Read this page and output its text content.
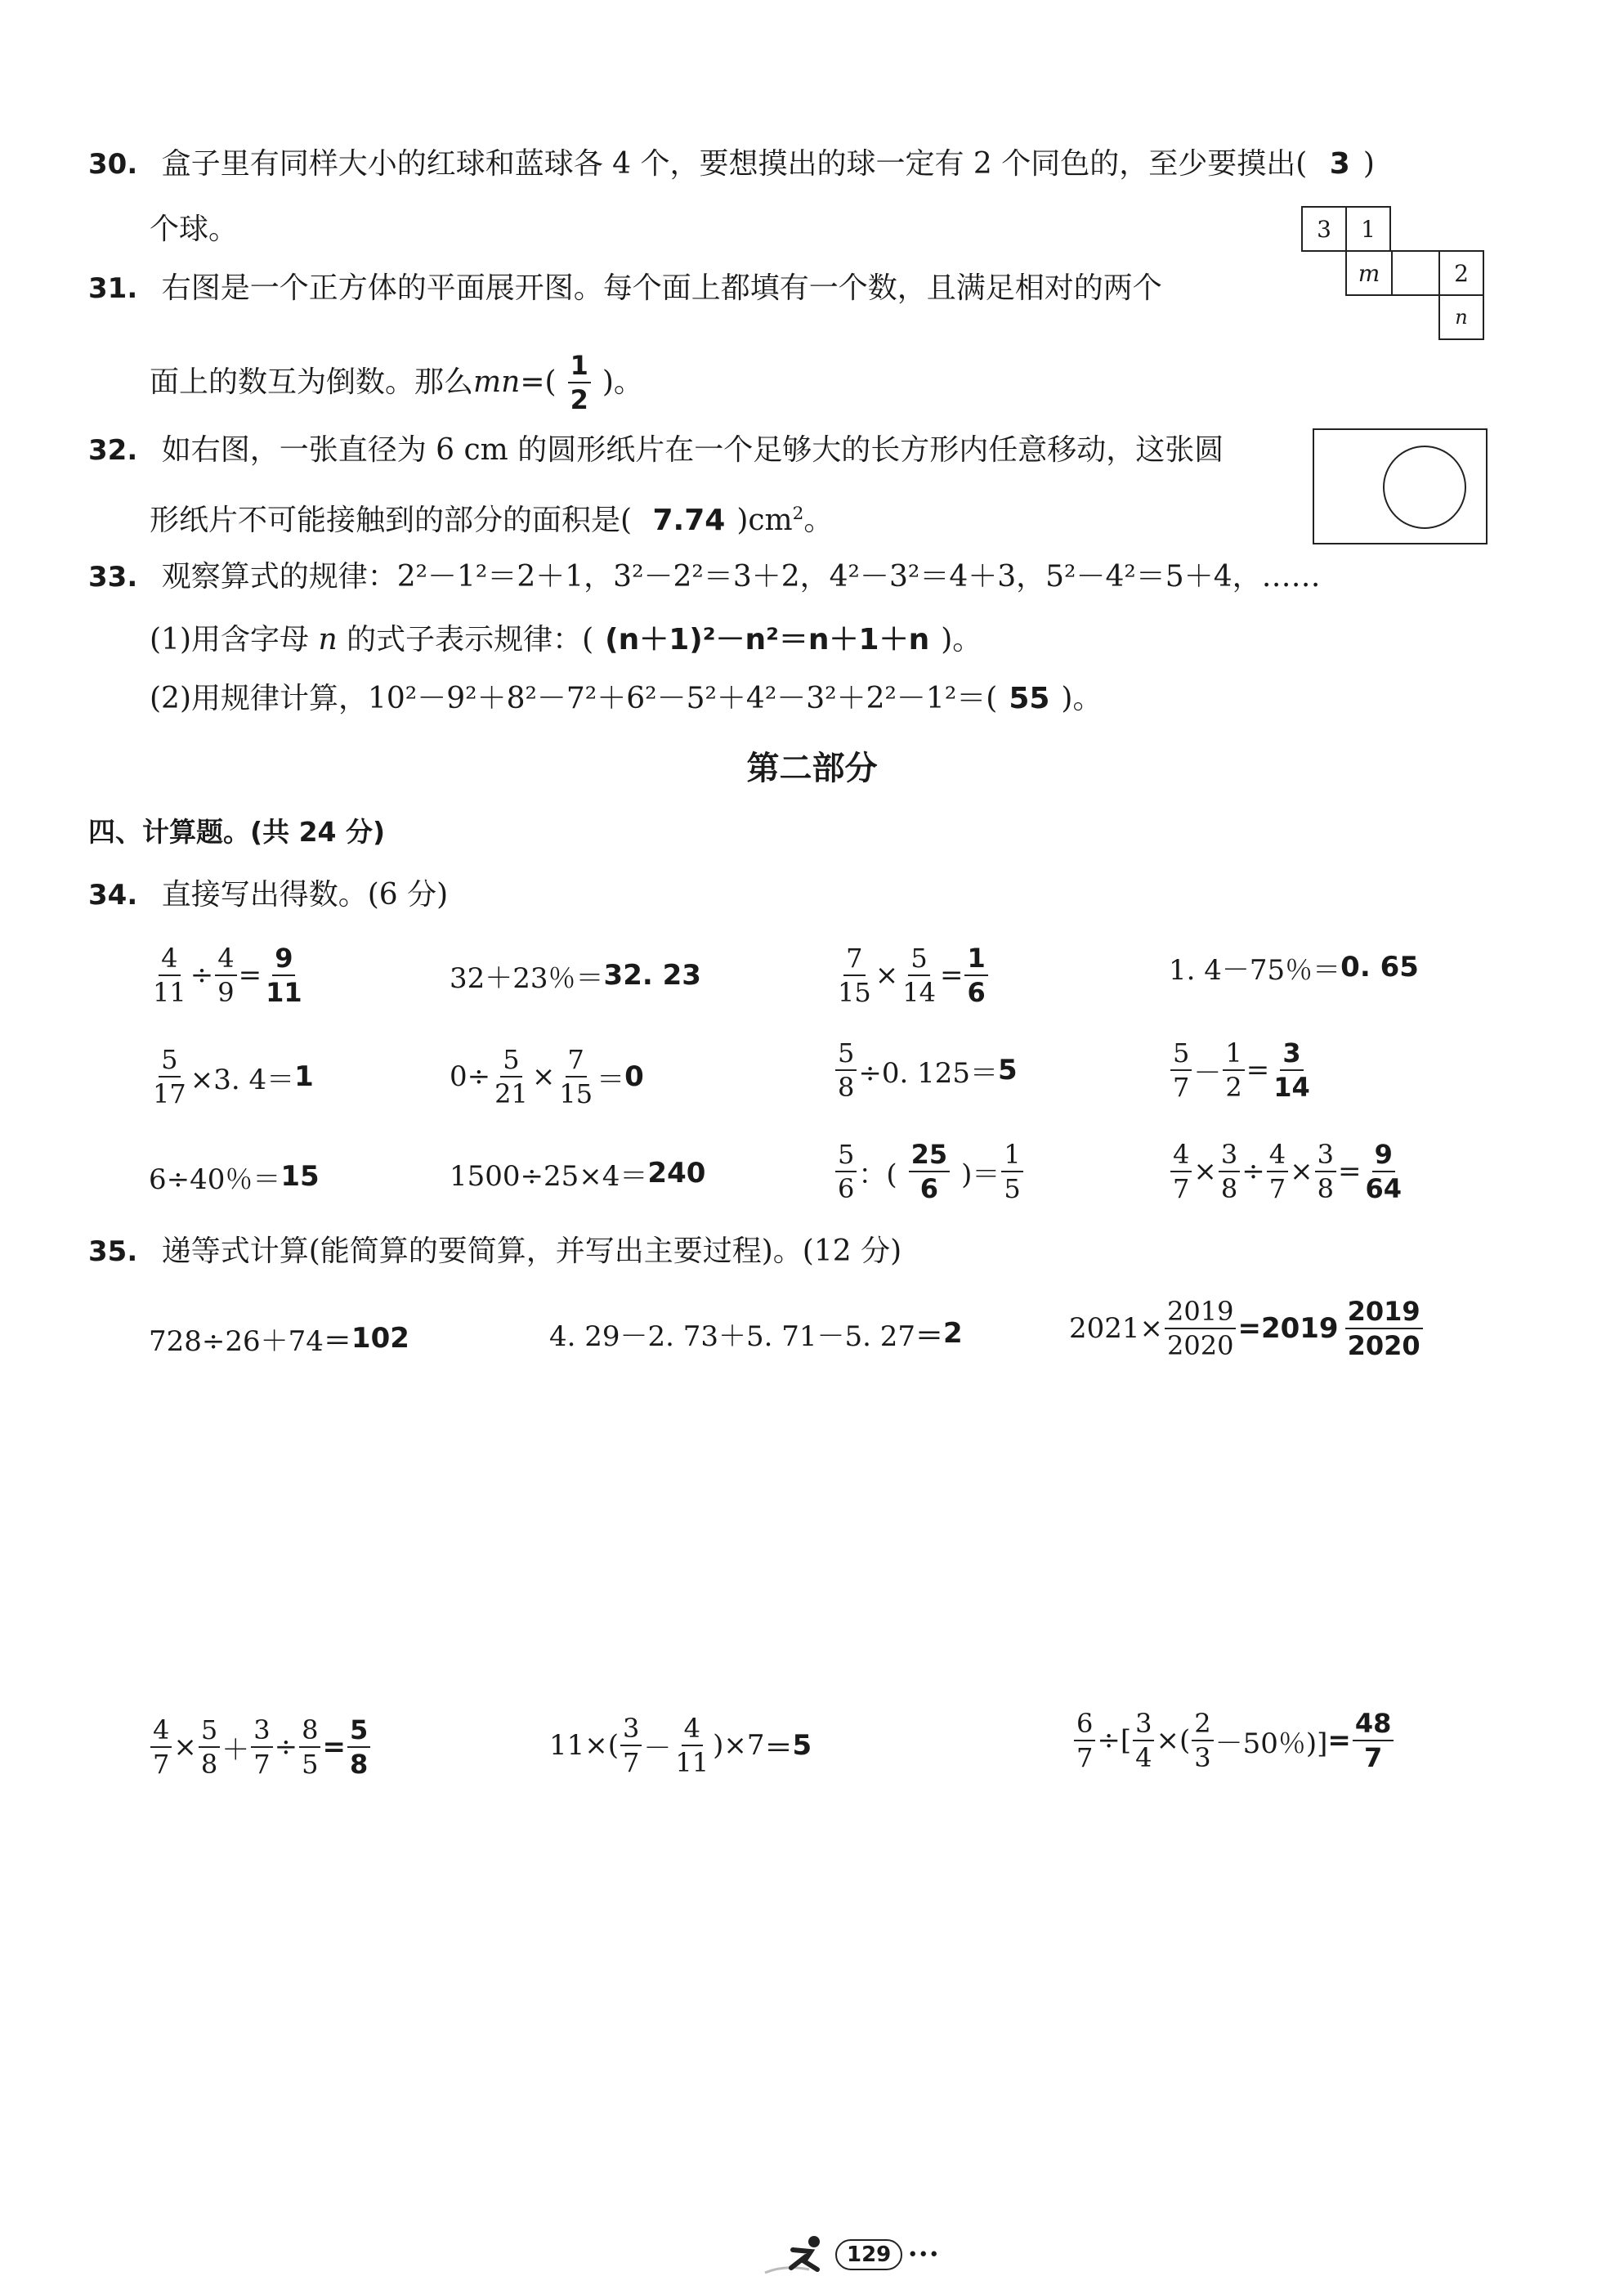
30. 盒子里有同样大小的红球和蓝球各 4 个，要想摸出的球一定有 2 个同色的，至少要摸出( 3 )
个球。	3	1
m	2
n
31. 右图是一个正方体的平面展开图。每个面上都填有一个数，且满足相对的两个
面上的数互为倒数。那么 mn =( $\frac{1}{2}$ )。
32. 如右图，一张直径为 6 cm 的圆形纸片在一个足够大的长方形内任意移动，这张圆
形纸片不可能接触到的部分的面积是( 7.74 )$cm^2$。
33. 观察算式的规律：2²－1²＝2＋1，3²－2²＝3＋2，4²－3²＝4＋3，5²－4²＝5＋4，……
(1)用含字母 n 的式子表示规律：( (n＋1)²－n²＝n＋1＋n )。
(2)用规律计算，10²－9²＋8²－7²＋6²－5²＋4²－3²＋2²－1²＝( 55 )。
第二部分
四、计算题。(共 24 分)
34. 直接写出得数。(6 分)
$\frac{4}{11} \div \frac{4}{9} = \frac{9}{11}$	32＋23％＝ 32. 23	$\frac{7}{15} \times \frac{5}{14} = \frac{1}{6}$	1. 4－75％＝ 0. 65
$\frac{5}{17} \times 3$. 4＝ 1	$0\div \frac{5}{21} \times \frac{7}{15} = 0$	$\frac{5}{8} \div 0$. 125＝ 5	$\frac{5}{7} - \frac{1}{2} = \frac{3}{14}$
6÷40％＝ 15	1500÷25×4＝ 240	$\frac{5}{6}$ ：( $\frac{25}{6}$ )＝ $\frac{1}{5}$	$\frac{4}{7} \times \frac{3}{8} \div \frac{4}{7} \times \frac{3}{8} = \frac{9}{64}$
35. 递等式计算(能简算的要简算，并写出主要过程)。(12 分)
728÷26＋74 ＝ 102	4. 29－2. 73＋5. 71－5. 27 ＝ 2	$2021\times \frac{2019}{2020} = 2019 \frac{2019}{2020}$
$\frac{4}{7} \times \frac{5}{8} + \frac{3}{7} \div \frac{8}{5} = \frac{5}{8}$	$11\times( \frac{3}{7} - \frac{4}{11} )\times 7 = 5$	$\frac{6}{7}$ ÷[ $\frac{3}{4}$ ×( $\frac{2}{3} -50$％)] = $\frac{48}{7}$
129 •••
